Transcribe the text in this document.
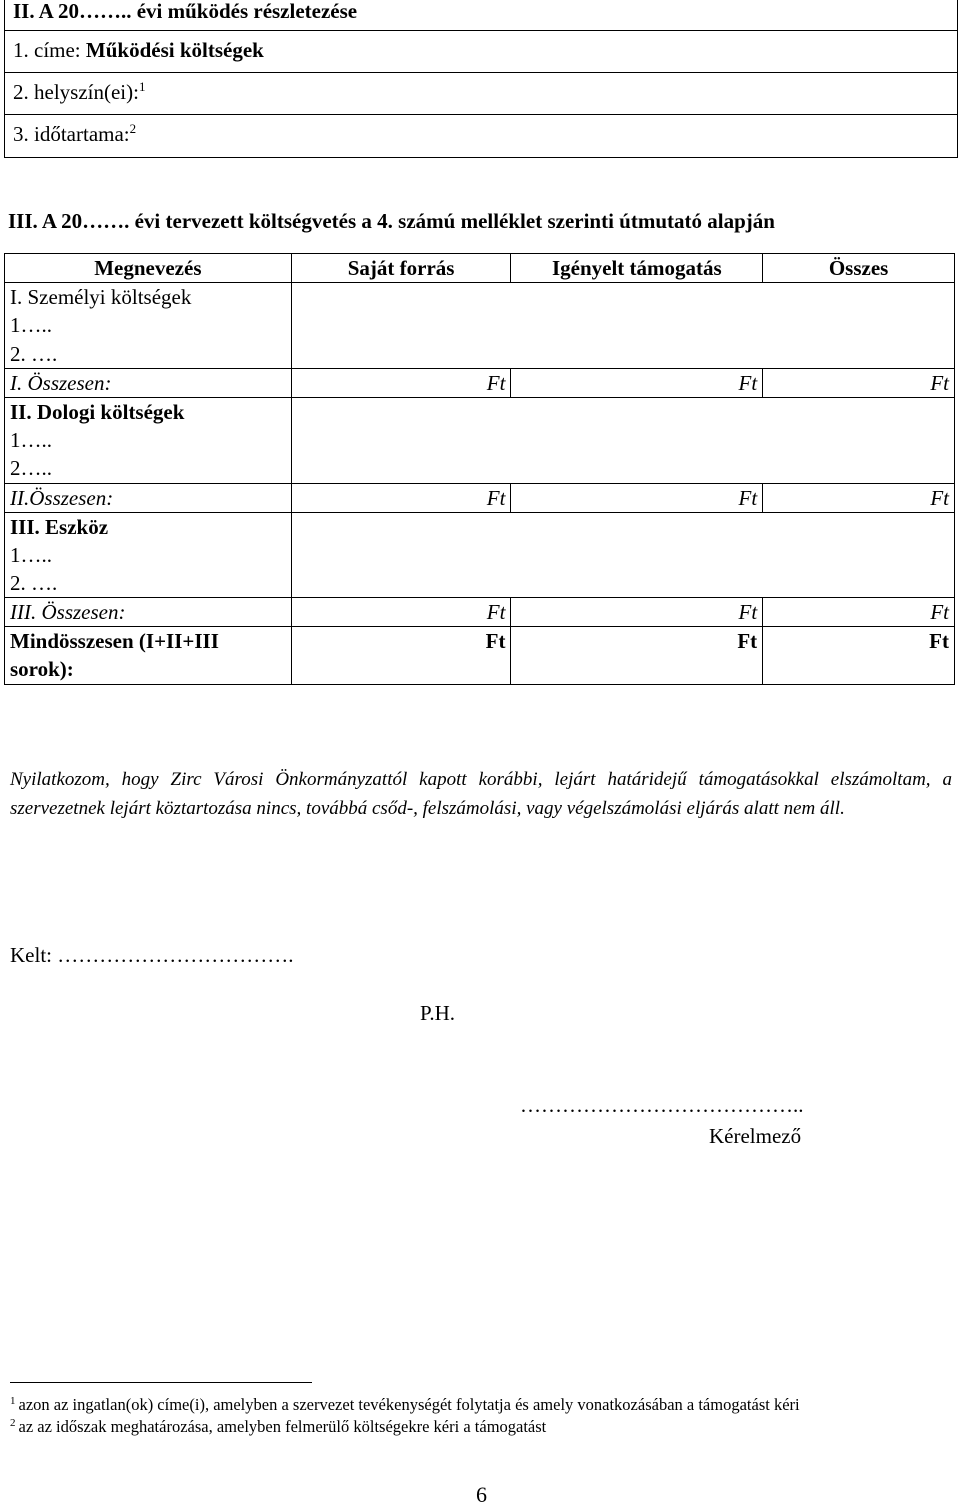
II. A 20…….. évi működés részletezése
1. címe: Működési költségek
2. helyszín(ei):$^1$
3. időtartama:$^2$
III. A 20……. évi tervezett költségvetés a 4. számú melléklet szerinti útmutató alapján
Megnevezés	Saját forrás	Igényelt támogatás	Összes
I. Személyi költségek			
1…..			
2. ….			
I. Összesen:	Ft	Ft	Ft
II. Dologi költségek			
1…..			
2…..			
II.Összesen:	Ft	Ft	Ft
III. Eszköz			
1…..			
2. ….			
III. Összesen:	Ft	Ft	Ft
Mindösszesen (I+II+III sorok):	Ft	Ft	Ft
Nyilatkozom, hogy Zirc Városi Önkormányzattól kapott korábbi, lejárt határidejű támogatásokkal elszámoltam, a szervezetnek lejárt köztartozása nincs, továbbá csőd-, felszámolási, vagy végelszámolási eljárás alatt nem áll.
Kelt: …………………………….
P.H.
…………………………………..
Kérelmező

$^1$ azon az ingatlan(ok) címe(i), amelyben a szervezet tevékenységét folytatja és amely vonatkozásában a támogatást kéri

$^2$ az az időszak meghatározása, amelyben felmerülő költségekre kéri a támogatást

6
